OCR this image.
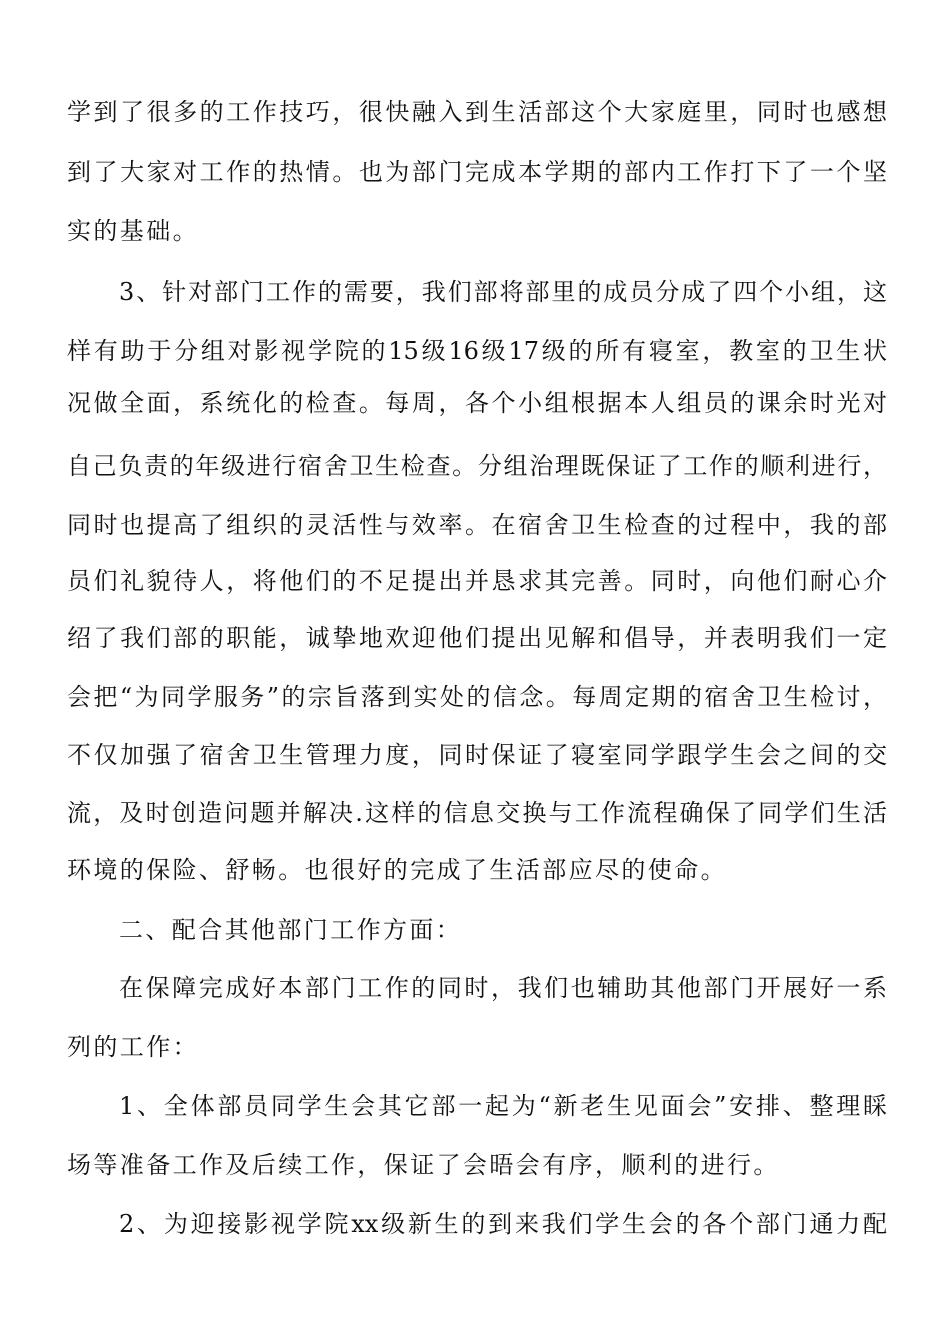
学到了很多的工作技巧，很快融入到生活部这个大家庭里，同时也感想
到了大家对工作的热情。也为部门完成本学期的部内工作打下了一个坚
实的基础。
3、针对部门工作的需要，我们部将部里的成员分成了四个小组，这
样有助于分组对影视学院的15级16级17级的所有寝室，教室的卫生状
况做全面，系统化的检查。每周，各个小组根据本人组员的课余时光对
自己负责的年级进行宿舍卫生检查。分组治理既保证了工作的顺利进行，
同时也提高了组织的灵活性与效率。在宿舍卫生检查的过程中，我的部
员们礼貌待人，将他们的不足提出并恳求其完善。同时，向他们耐心介
绍了我们部的职能，诚挚地欢迎他们提出见解和倡导，并表明我们一定
会把“为同学服务”的宗旨落到实处的信念。每周定期的宿舍卫生检讨，
不仅加强了宿舍卫生管理力度，同时保证了寝室同学跟学生会之间的交
流，及时创造问题并解决.这样的信息交换与工作流程确保了同学们生活
环境的保险、舒畅。也很好的完成了生活部应尽的使命。
二、配合其他部门工作方面：
在保障完成好本部门工作的同时，我们也辅助其他部门开展好一系
列的工作：
1、全体部员同学生会其它部一起为“新老生见面会”安排、整理睬
场等准备工作及后续工作，保证了会晤会有序，顺利的进行。
2、为迎接影视学院xx级新生的到来我们学生会的各个部门通力配
